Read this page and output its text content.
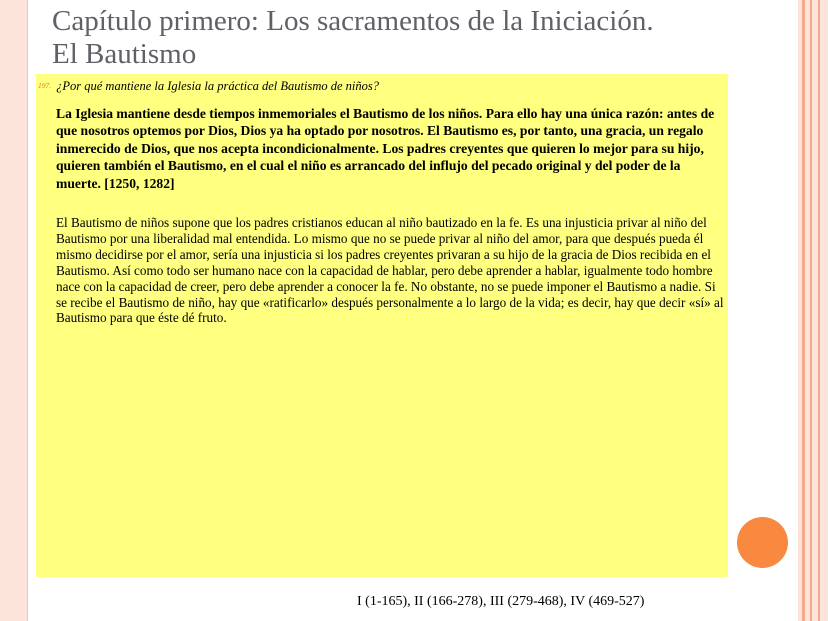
Capítulo primero: Los sacramentos de la Iniciación.
El Bautismo
197. ¿Por qué mantiene la Iglesia la práctica del Bautismo de niños?

La Iglesia mantiene desde tiempos inmemoriales el Bautismo de los niños. Para ello hay una única razón: antes de que nosotros optemos por Dios, Dios ya ha optado por nosotros. El Bautismo es, por tanto, una gracia, un regalo inmerecido de Dios, que nos acepta incondicionalmente. Los padres creyentes que quieren lo mejor para su hijo, quieren también el Bautismo, en el cual el niño es arrancado del influjo del pecado original y del poder de la muerte. [1250, 1282]

El Bautismo de niños supone que los padres cristianos educan al niño bautizado en la fe. Es una injusticia privar al niño del Bautismo por una liberalidad mal entendida. Lo mismo que no se puede privar al niño del amor, para que después pueda él mismo decidirse por el amor, sería una injusticia si los padres creyentes privaran a su hijo de la gracia de Dios recibida en el Bautismo. Así como todo ser humano nace con la capacidad de hablar, pero debe aprender a hablar, igualmente todo hombre nace con la capacidad de creer, pero debe aprender a conocer la fe. No obstante, no se puede imponer el Bautismo a nadie. Si se recibe el Bautismo de niño, hay que «ratificarlo» después personalmente a lo largo de la vida; es decir, hay que decir «sí» al Bautismo para que éste dé fruto.

I (1-165), II (166-278), III (279-468), IV (469-527)
